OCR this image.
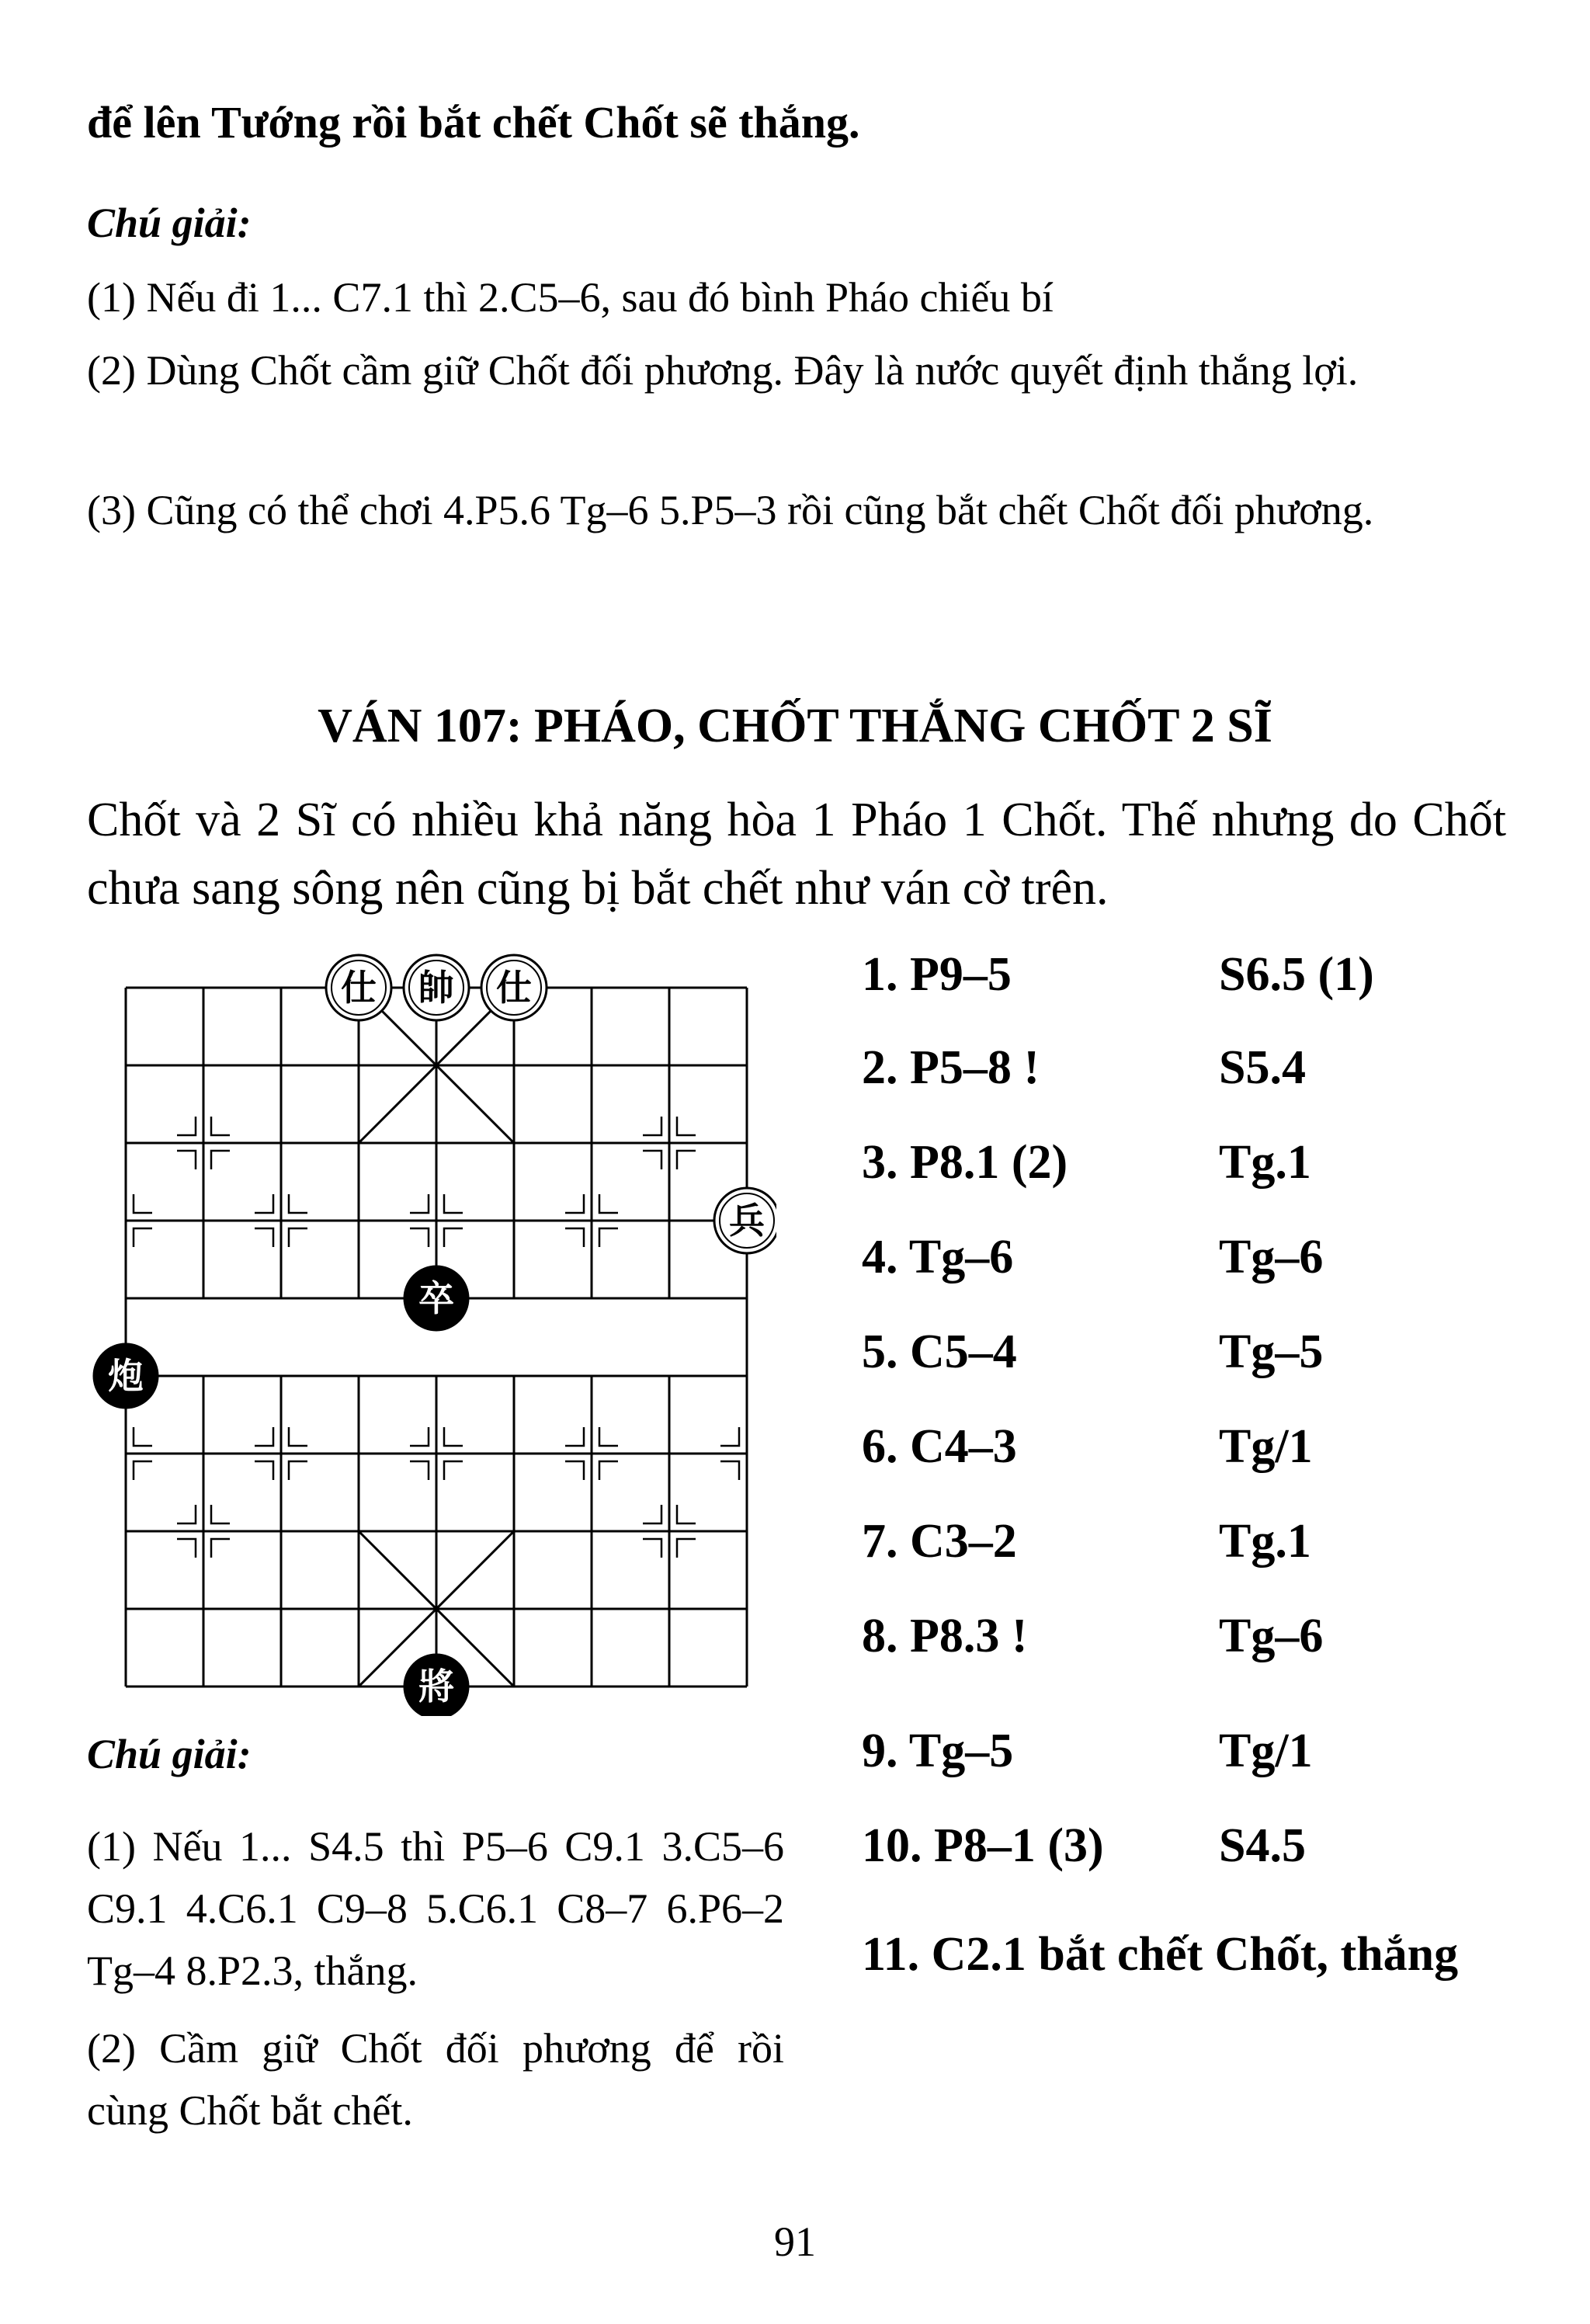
để lên Tướng rồi bắt chết Chốt sẽ thắng.
Chú giải:
(1) Nếu đi 1... C7.1 thì 2.C5–6, sau đó bình Pháo chiếu bí
(2) Dùng Chốt cầm giữ Chốt đối phương. Đây là nước quyết định thắng lợi.
(3) Cũng có thể chơi 4.P5.6 Tg–6 5.P5–3 rồi cũng bắt chết Chốt đối phương.
VÁN 107: PHÁO, CHỐT THẮNG CHỐT 2 SĨ
Chốt và 2 Sĩ có nhiều khả năng hòa 1 Pháo 1 Chốt. Thế nhưng do Chốt chưa sang sông nên cũng bị bắt chết như ván cờ trên.
仕 帥 仕
兵
卒
炮
將
1. P9–5	S6.5 (1)
2. P5–8 !	S5.4
3. P8.1 (2)	Tg.1
4. Tg–6	Tg–6
5. C5–4	Tg–5
6. C4–3	Tg/1
7. C3–2	Tg.1
8. P8.3 !	Tg–6
9. Tg–5	Tg/1
10. P8–1 (3) S4.5
11. C2.1 bắt chết Chốt, thắng
Chú giải:
(1) Nếu 1... S4.5 thì P5–6 C9.1 3.C5–6 C9.1 4.C6.1 C9–8 5.C6.1 C8–7 6.P6–2 Tg–4 8.P2.3, thắng.
(2) Cầm giữ Chốt đối phương để rồi cùng Chốt bắt chết.
91
